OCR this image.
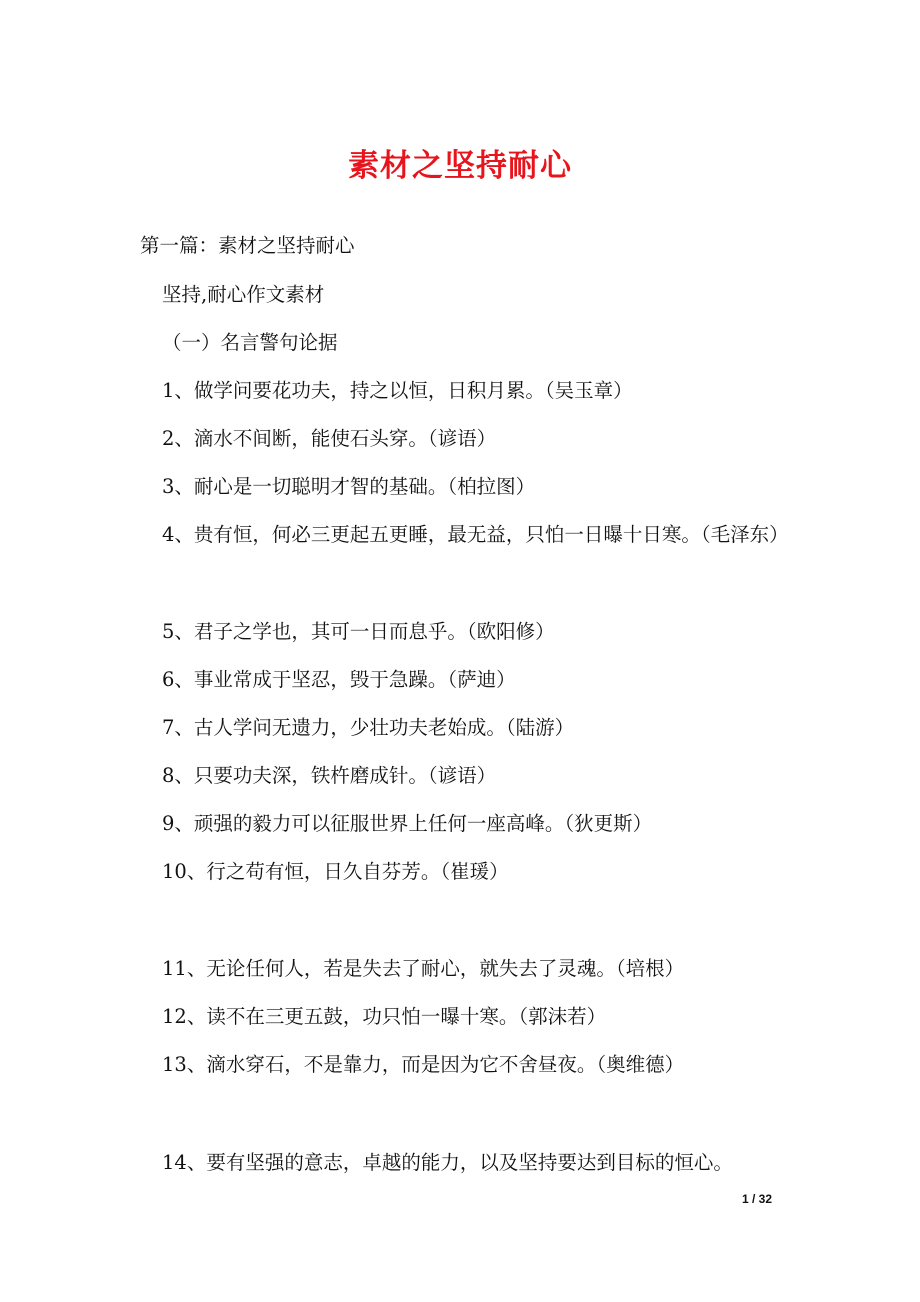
素材之坚持耐心
第一篇：素材之坚持耐心
坚持,耐心作文素材
（一）名言警句论据
1、做学问要花功夫，持之以恒，日积月累。（吴玉章）
2、滴水不间断，能使石头穿。（谚语）
3、耐心是一切聪明才智的基础。（柏拉图）
4、贵有恒，何必三更起五更睡，最无益，只怕一日曝十日寒。（毛泽东）
5、君子之学也，其可一日而息乎。（欧阳修）
6、事业常成于坚忍，毁于急躁。（萨迪）
7、古人学问无遗力，少壮功夫老始成。（陆游）
8、只要功夫深，铁杵磨成针。（谚语）
9、顽强的毅力可以征服世界上任何一座高峰。（狄更斯）
10、行之苟有恒，日久自芬芳。（崔瑗）
11、无论任何人，若是失去了耐心，就失去了灵魂。（培根）
12、读不在三更五鼓，功只怕一曝十寒。（郭沫若）
13、滴水穿石，不是靠力，而是因为它不舍昼夜。（奥维德）
14、要有坚强的意志，卓越的能力，以及坚持要达到目标的恒心。
1 / 32
